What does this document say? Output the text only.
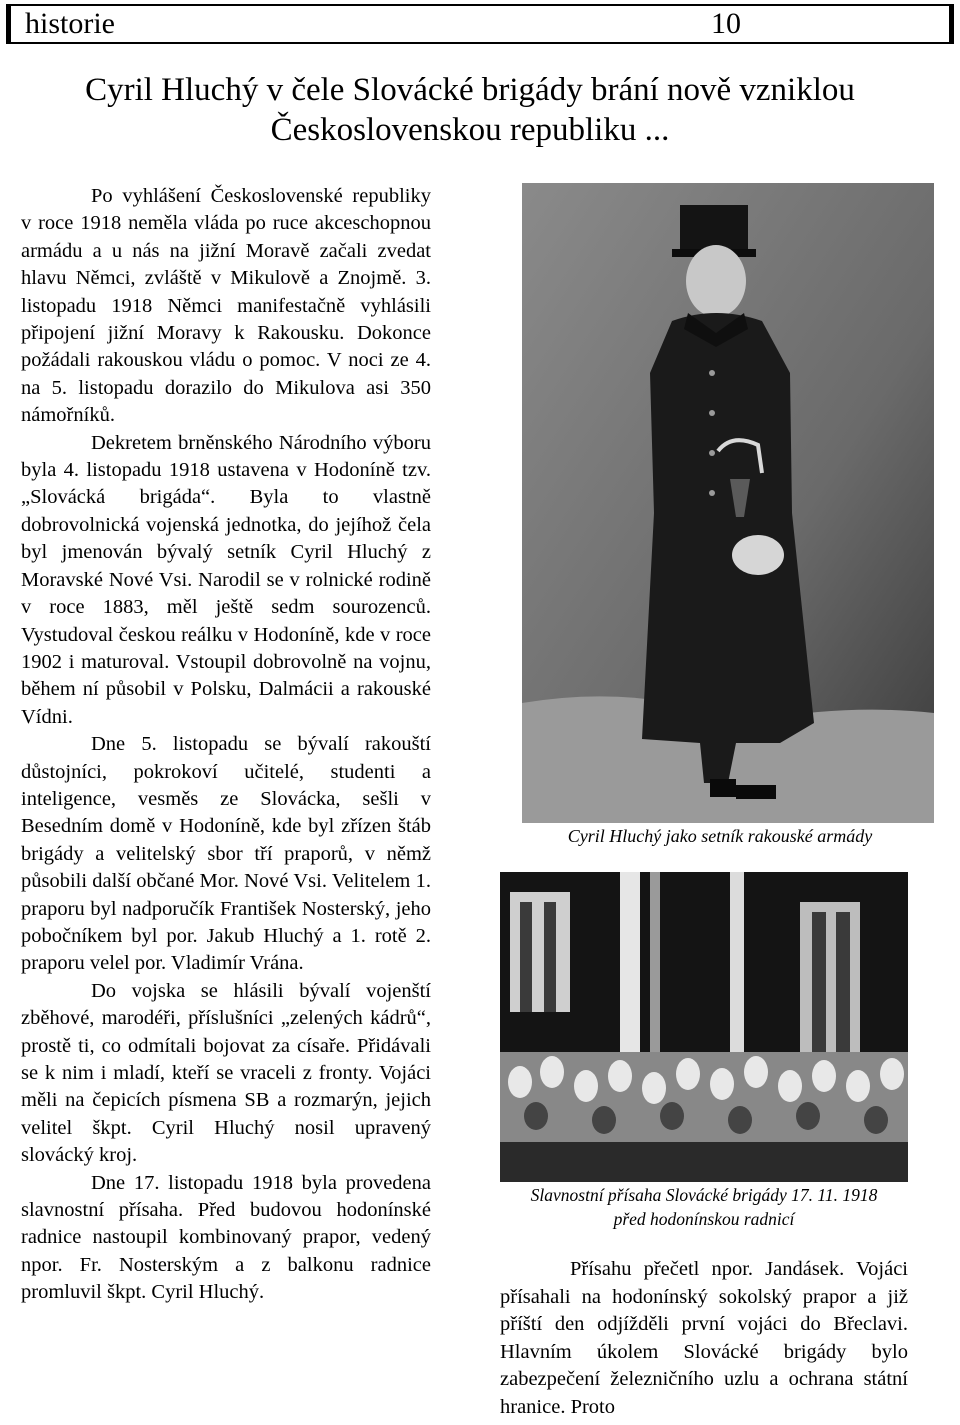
historie	10
Cyril Hluchý v čele Slovácké brigády brání nově vzniklou Československou republiku ...

Po vyhlášení Československé republiky v roce 1918 neměla vláda po ruce akceschopnou armádu a u nás na jižní Moravě začali zvedat hlavu Němci, zvláště v Mikulově a Znojmě. 3. listopadu 1918 Němci manifestačně vyhlásili připojení jižní Moravy k Rakousku. Dokonce požádali rakouskou vládu o pomoc. V noci ze 4. na 5. listopadu dorazilo do Mikulova asi 350 námořníků.

Dekretem brněnského Národního výboru byla 4. listopadu 1918 ustavena v Hodoníně tzv. „Slovácká brigáda“. Byla to vlastně dobrovolnická vojenská jednotka, do jejíhož čela byl jmenován bývalý setník Cyril Hluchý z Moravské Nové Vsi. Narodil se v rolnické rodině v roce 1883, měl ještě sedm sourozenců. Vystudoval českou reálku v Hodoníně, kde v roce 1902 i maturoval. Vstoupil dobrovolně na vojnu, během ní působil v Polsku, Dalmácii a rakouské Vídni.

Dne 5. listopadu se bývalí rakouští důstojníci, pokrokoví učitelé, studenti a inteligence, vesměs ze Slovácka, sešli v Besedním domě v Hodoníně, kde byl zřízen štáb brigády a velitelský sbor tří praporů, v němž působili další občané Mor. Nové Vsi. Velitelem 1. praporu byl nadporučík František Nosterský, jeho pobočníkem byl por. Jakub Hluchý a 1. rotě 2. praporu velel por. Vladimír Vrána.

Do vojska se hlásili bývalí vojenští zběhové, marodéři, příslušníci „zelených kádrů“, prostě ti, co odmítali bojovat za císaře. Přidávali se k nim i mladí, kteří se vraceli z fronty. Vojáci měli na čepicích písmena SB a rozmarýn, jejich velitel škpt. Cyril Hluchý nosil upravený slovácký kroj.

Dne 17. listopadu 1918 byla provedena slavnostní přísaha. Před budovou hodonínské radnice nastoupil kombinovaný prapor, vedený npor. Fr. Nosterským a z balkonu radnice promluvil škpt. Cyril Hluchý.

Cyril Hluchý jako setník rakouské armády
Slavnostní přísaha Slovácké brigády 17. 11. 1918
před hodonínskou radnicí

Přísahu přečetl npor. Jandásek. Vojáci přísahali na hodonínský sokolský prapor a již příští den odjížděli první vojáci do Břeclavi. Hlavním úkolem Slovácké brigády bylo zabezpečení železničního uzlu a ochrana státní hranice. Proto
